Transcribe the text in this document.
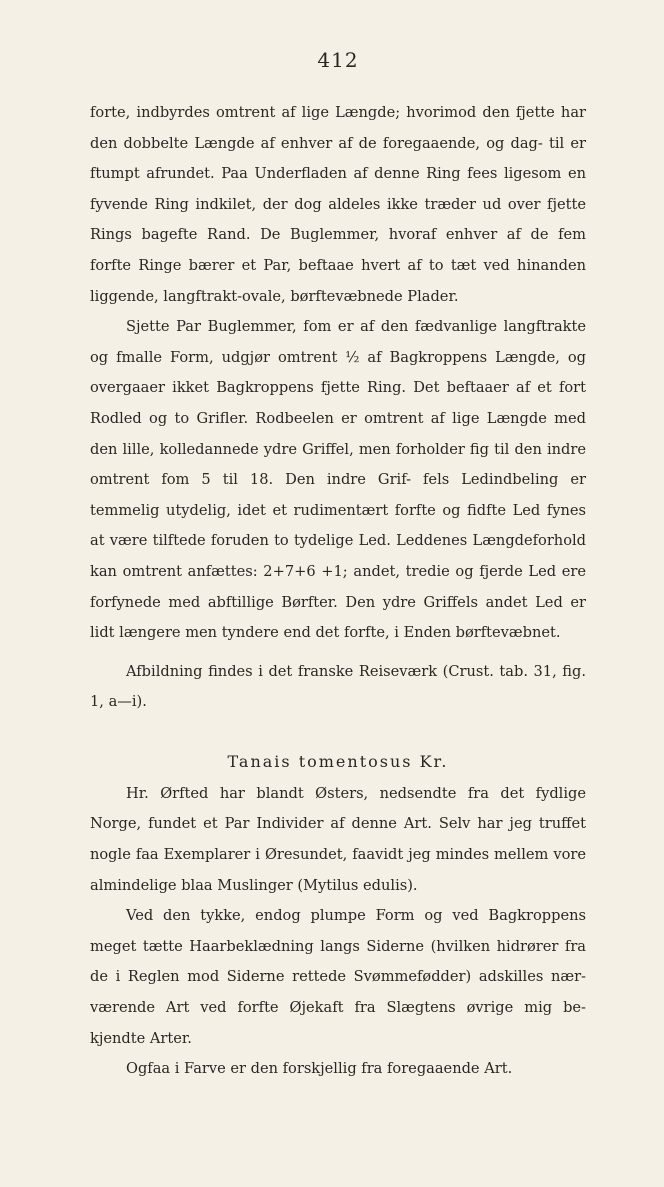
412

forte, indbyrdes omtrent af lige Længde; hvorimod den fjette har den dobbelte Længde af enhver af de foregaaende, og dag- til er ftumpt afrundet. Paa Underfladen af denne Ring fees ligesom en fyvende Ring indkilet, der dog aldeles ikke træder ud over fjette Rings bagefte Rand. De Buglemmer, hvoraf enhver af de fem forfte Ringe bærer et Par, beftaae hvert af to tæt ved hinanden liggende, langftrakt-ovale, børftevæbnede Plader.

Sjette Par Buglemmer, fom er af den fædvanlige langftrakte og fmalle Form, udgjør omtrent ½ af Bagkroppens Længde, og overgaaer ikket Bagkroppens fjette Ring. Det beftaaer af et fort Rodled og to Grifler. Rodbeelen er omtrent af lige Længde med den lille, kolledannede ydre Griffel, men forholder fig til den indre omtrent fom 5 til 18. Den indre Grif- fels Ledindbeling er temmelig utydelig, idet et rudimentært forfte og fidfte Led fynes at være tilftede foruden to tydelige Led. Leddenes Længdeforhold kan omtrent anfættes: 2+7+6 +1; andet, tredie og fjerde Led ere forfynede med abftillige Børfter. Den ydre Griffels andet Led er lidt længere men tyndere end det forfte, i Enden børftevæbnet.

Afbildning findes i det franske Reiseværk (Crust. tab. 31, fig. 1, a—i).

Tanais tomentosus Kr.

Hr. Ørfted har blandt Østers, nedsendte fra det fydlige Norge, fundet et Par Individer af denne Art. Selv har jeg truffet nogle faa Exemplarer i Øresundet, faavidt jeg mindes mellem vore almindelige blaa Muslinger (Mytilus edulis).

Ved den tykke, endog plumpe Form og ved Bagkroppens meget tætte Haarbeklædning langs Siderne (hvilken hidrører fra de i Reglen mod Siderne rettede Svømmefødder) adskilles nær- værende Art ved forfte Øjekaft fra Slægtens øvrige mig be- kjendte Arter.

Ogfaa i Farve er den forskjellig fra foregaaende Art.
